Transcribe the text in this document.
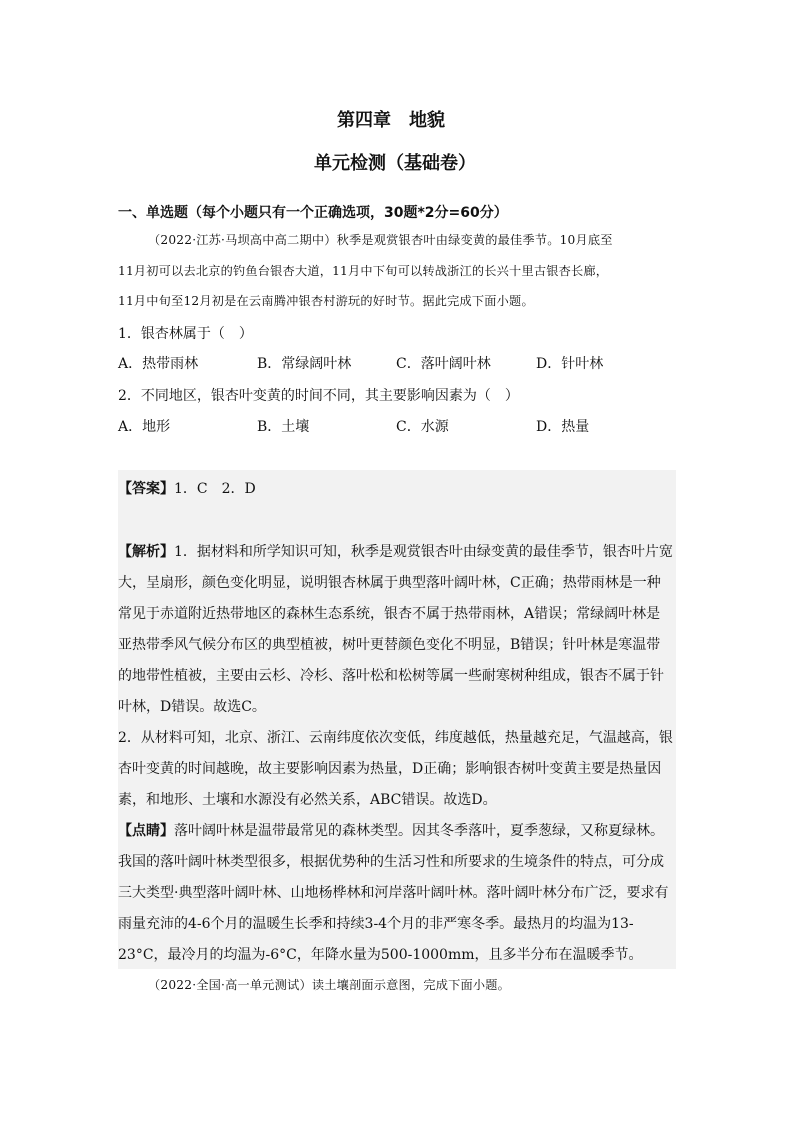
第四章　地貌
单元检测（基础卷）
一、单选题（每个小题只有一个正确选项，30题*2分=60分）
（2022·江苏·马坝高中高二期中）秋季是观赏银杏叶由绿变黄的最佳季节。10月底至
11月初可以去北京的钓鱼台银杏大道，11月中下旬可以转战浙江的长兴十里古银杏长廊，
11月中旬至12月初是在云南腾冲银杏村游玩的好时节。据此完成下面小题。
1．银杏林属于（　）
A．热带雨林	B．常绿阔叶林	C．落叶阔叶林	D．针叶林
2．不同地区，银杏叶变黄的时间不同，其主要影响因素为（　）
A．地形	B．土壤	C．水源	D．热量
【答案】1．C　2．D
【解析】1．据材料和所学知识可知，秋季是观赏银杏叶由绿变黄的最佳季节，银杏叶片宽
大，呈扇形，颜色变化明显，说明银杏林属于典型落叶阔叶林，C正确；热带雨林是一种
常见于赤道附近热带地区的森林生态系统，银杏不属于热带雨林，A错误；常绿阔叶林是
亚热带季风气候分布区的典型植被，树叶更替颜色变化不明显，B错误；针叶林是寒温带
的地带性植被，主要由云杉、冷杉、落叶松和松树等属一些耐寒树种组成，银杏不属于针
叶林，D错误。故选C。
2．从材料可知，北京、浙江、云南纬度依次变低，纬度越低，热量越充足，气温越高，银
杏叶变黄的时间越晚，故主要影响因素为热量，D正确；影响银杏树叶变黄主要是热量因
素，和地形、土壤和水源没有必然关系，ABC错误。故选D。
【点睛】落叶阔叶林是温带最常见的森林类型。因其冬季落叶，夏季葱绿，又称夏绿林。
我国的落叶阔叶林类型很多，根据优势种的生活习性和所要求的生境条件的特点，可分成
三大类型·典型落叶阔叶林、山地杨桦林和河岸落叶阔叶林。落叶阔叶林分布广泛，要求有
雨量充沛的4-6个月的温暖生长季和持续3-4个月的非严寒冬季。最热月的均温为13-
23°C，最冷月的均温为-6°C，年降水量为500-1000mm，且多半分布在温暖季节。
（2022·全国·高一单元测试）读土壤剖面示意图，完成下面小题。
